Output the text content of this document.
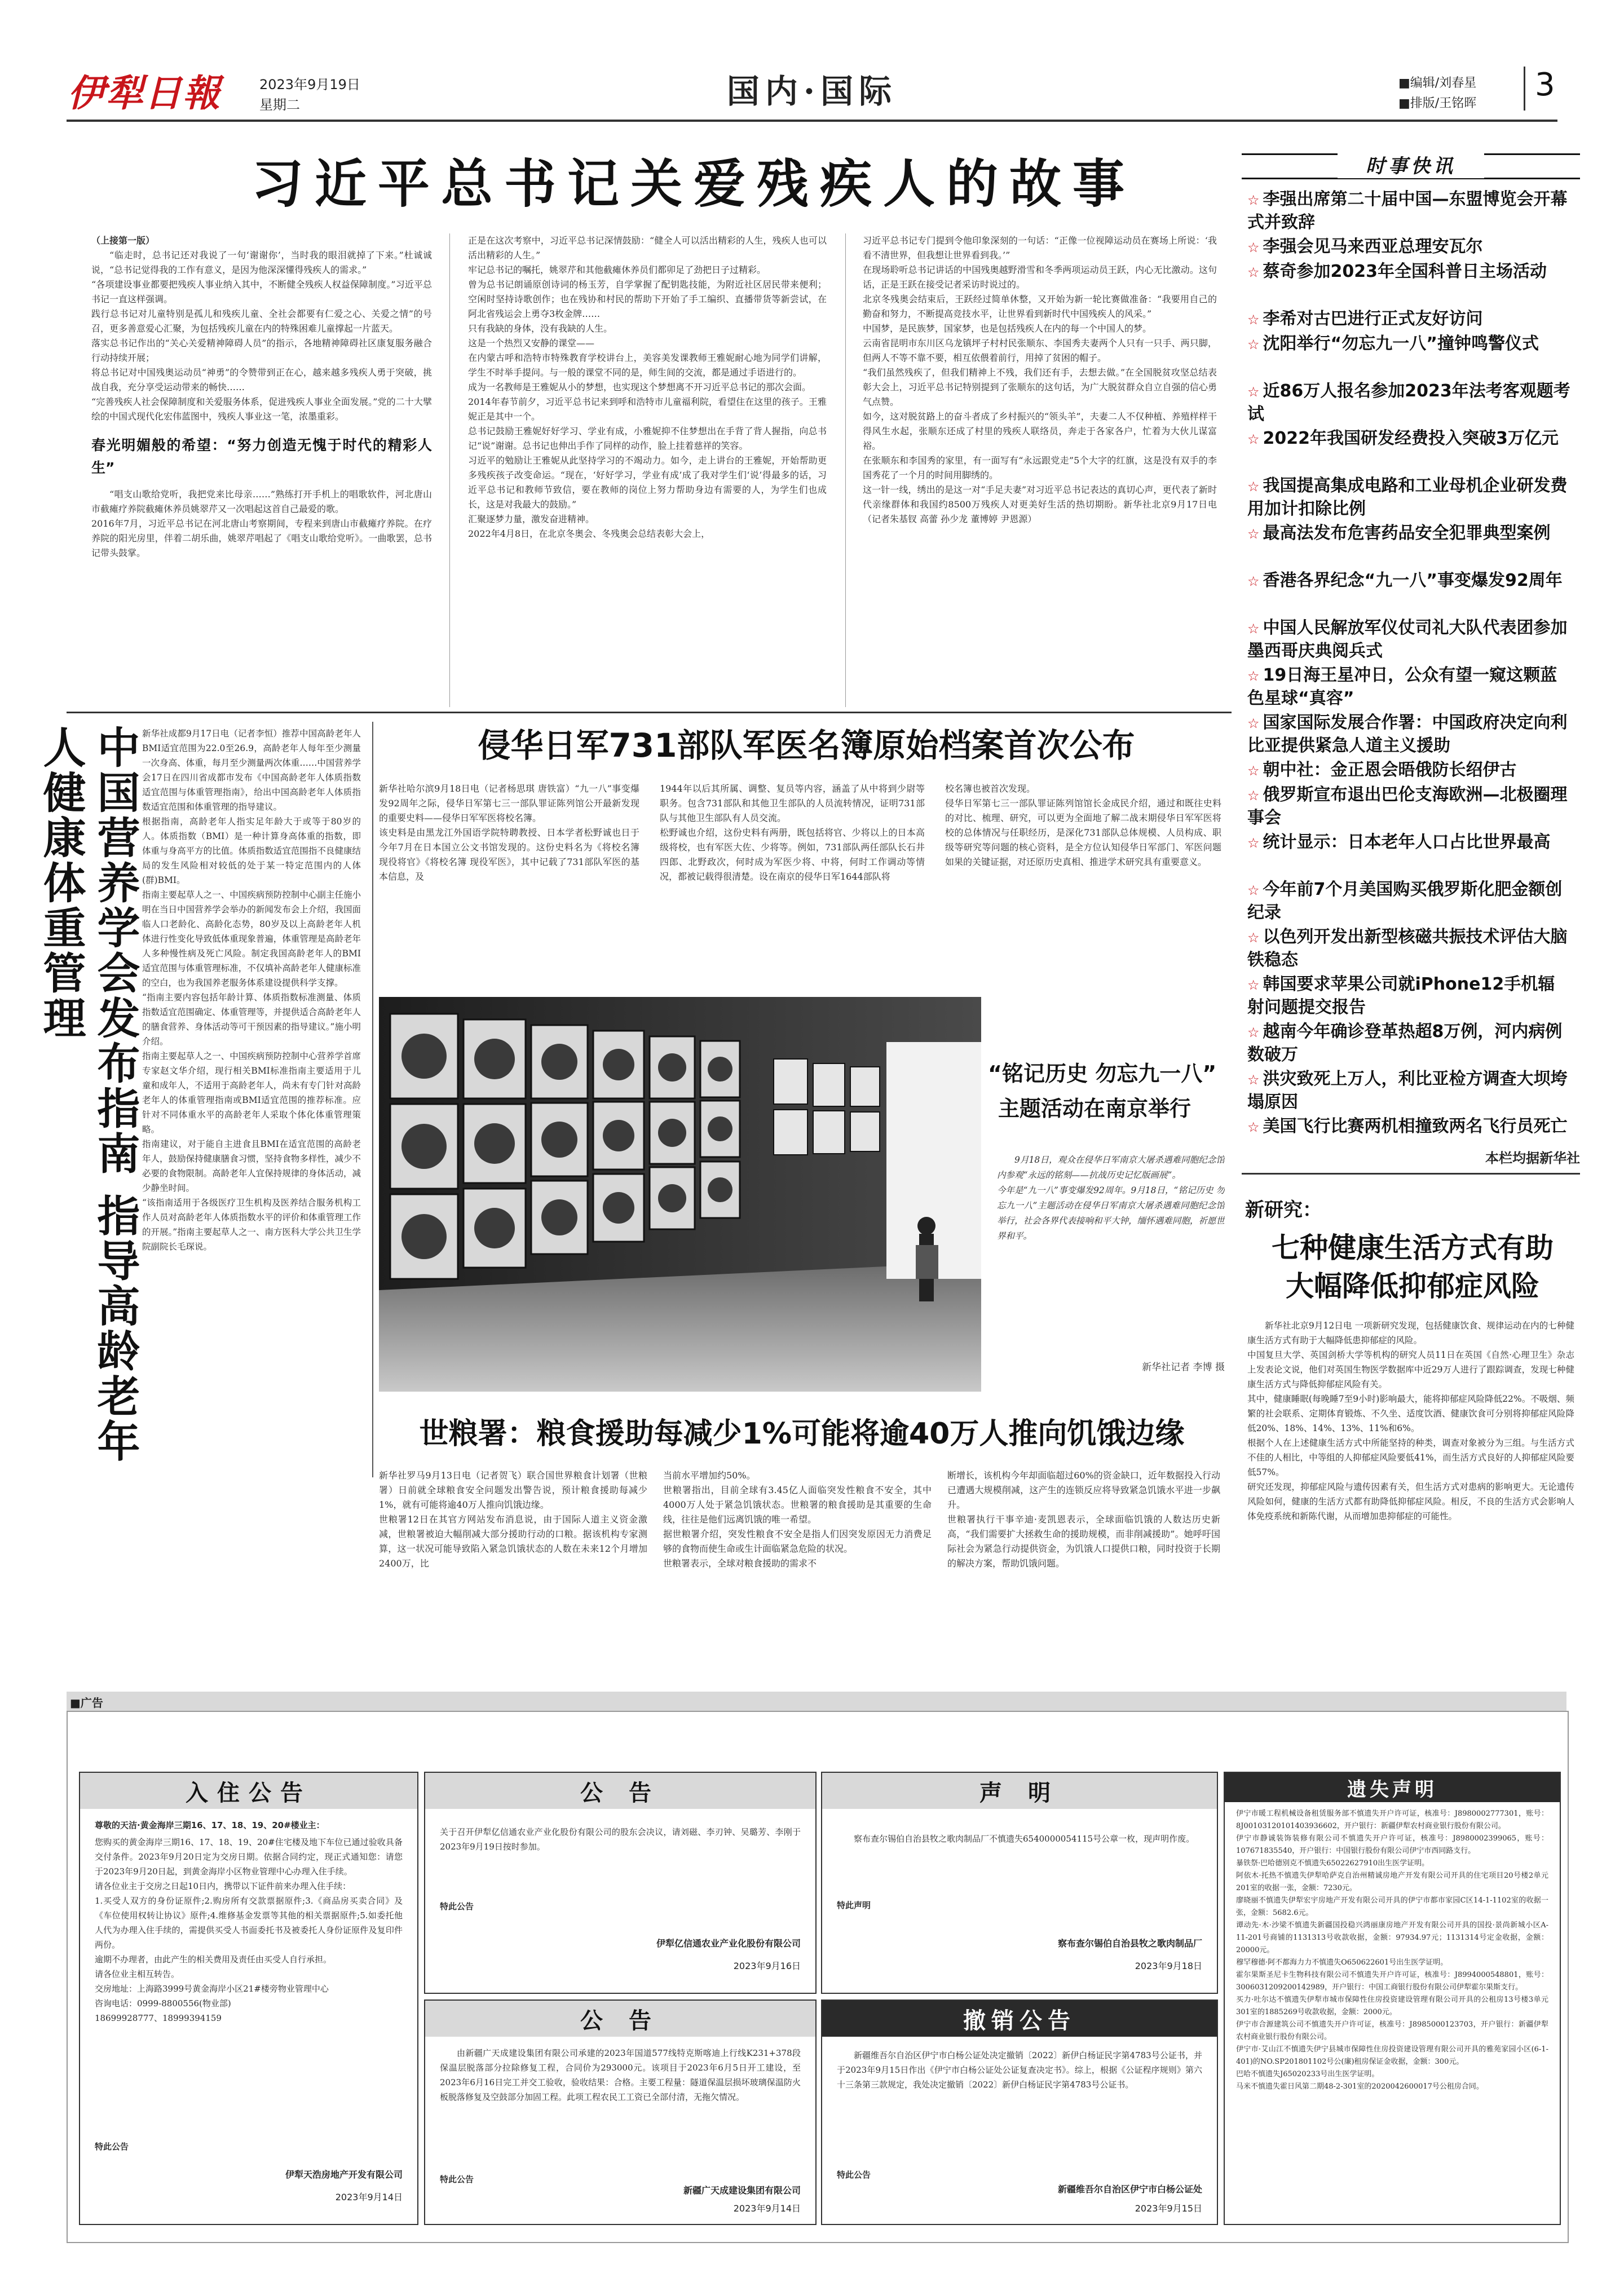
伊犁日報	2023年9月19日
星期二	国内·国际	■编辑/刘春星
■排版/王铭晖
3
习近平总书记关爱残疾人的故事
（上接第一版）
“临走时，总书记还对我说了一句‘谢谢你’，当时我的眼泪就掉了下来。”杜诚诚说，“总书记觉得我的工作有意义，是因为他深深懂得残疾人的需求。”
“各项建设事业都要把残疾人事业纳入其中，不断健全残疾人权益保障制度。”习近平总书记一直这样强调。
践行总书记对儿童特别是孤儿和残疾儿童、全社会都要有仁爱之心、关爱之情”的号召，更多善意爱心汇聚，为包括残疾儿童在内的特殊困难儿童撑起一片蓝天。
落实总书记作出的“关心关爱精神障碍人员”的指示，各地精神障碍社区康复服务融合行动持续开展；
将总书记对中国残奥运动员“神勇”的令赞带到正在心，越来越多残疾人勇于突破，挑战自我，充分享受运动带来的畅快……
“完善残疾人社会保障制度和关爱服务体系，促进残疾人事业全面发展。”党的二十大擘绘的中国式现代化宏伟蓝图中，残疾人事业这一笔，浓墨重彩。
春光明媚般的希望：“努力创造无愧于时代的精彩人生”
“唱支山歌给党听，我把党来比母亲……”熟练打开手机上的唱歌软件，河北唐山市截瘫疗养院截瘫休养员姚翠芹又一次唱起这首自己最爱的歌。
2016年7月，习近平总书记在河北唐山考察期间，专程来到唐山市截瘫疗养院。在疗养院的阳光房里，伴着二胡乐曲，姚翠芹唱起了《唱支山歌给党听》。一曲歌罢，总书记带头鼓掌。
正是在这次考察中，习近平总书记深情鼓励：“健全人可以活出精彩的人生，残疾人也可以活出精彩的人生。”
牢记总书记的嘱托，姚翠芹和其他截瘫休养员们都卯足了劲把日子过精彩。
曾为总书记朗诵原创诗词的杨玉芳，自学掌握了配钥匙技能，为附近社区居民带来便利；空闲时坚持诗歌创作；也在残协和村民的帮助下开始了手工编织、直播带货等新尝试，在阿北省残运会上勇夺3枚金牌……
只有我缺的身体，没有我缺的人生。
这是一个热烈又安静的课堂——
在内蒙古呼和浩特市特殊教育学校讲台上，美容美发课教师王雅妮耐心地为同学们讲解，学生不时举手提问。与一般的课堂不同的是，师生间的交流，都是通过手语进行的。
成为一名教师是王雅妮从小的梦想，也实现这个梦想离不开习近平总书记的那次会面。
2014年春节前夕，习近平总书记来到呼和浩特市儿童福利院，看望住在这里的孩子。王雅妮正是其中一个。
总书记鼓励王雅妮好好学习、学业有成，小雅妮抑不住梦想出在手背了背人握指，向总书记“说”谢谢。总书记也伸出手作了同样的动作，脸上挂着慈祥的笑容。
习近平的勉励让王雅妮从此坚持学习的不竭动力。如今，走上讲台的王雅妮，开始帮助更多残疾孩子改变命运。“现在，‘好好学习，学业有成’成了我对学生们‘说’得最多的话，习近平总书记和教师节致信，要在教师的岗位上努力帮助身边有需要的人，为学生们也成长，这是对我最大的鼓励。”
汇聚逐梦力量，激发奋进精神。
2022年4月8日，在北京冬奥会、冬残奥会总结表彰大会上，
习近平总书记专门提到令他印象深刻的一句话：“正像一位视障运动员在赛场上所说：‘我看不清世界，但我想让世界看到我。’”
在现场聆听总书记讲话的中国残奥越野滑雪和冬季两项运动员王跃，内心无比激动。这句话，正是王跃在接受记者采访时说过的。
北京冬残奥会结束后，王跃经过简单休整，又开始为新一轮比赛做准备：“我要用自己的勤奋和努力，不断提高竞技水平，让世界看到新时代中国残疾人的风采。”
中国梦，是民族梦，国家梦，也是包括残疾人在内的每一个中国人的梦。
云南省昆明市东川区乌龙镇坪子村村民张顺东、李国秀夫妻两个人只有一只手、两只脚，但两人不等不靠不要，相互依偎着前行，用掉了贫困的帽子。
“我们虽然残疾了，但我们精神上不残，我们还有手，去想去做。”在全国脱贫攻坚总结表彰大会上，习近平总书记特别提到了张顺东的这句话，为广大脱贫群众自立自强的信心勇气点赞。
如今，这对脱贫路上的奋斗者成了乡村振兴的“领头羊”，夫妻二人不仅种植、养殖样样干得风生水起，张顺东还成了村里的残疾人联络员，奔走于各家各户，忙着为大伙儿谋富裕。
在张顺东和李国秀的家里，有一面写有“永远跟党走”5个大字的红旗，这是没有双手的李国秀花了一个月的时间用脚绣的。
这一针一线，绣出的是这一对“手足夫妻”对习近平总书记表达的真切心声，更代表了新时代亲缘群体和我国约8500万残疾人对更美好生活的热切期盼。新华社北京9月17日电（记者朱基钗 高蕾 孙少龙 董博婷 尹恩源）
时事快讯
☆ 李强出席第二十届中国—东盟博览会开幕式并致辞
☆ 李强会见马来西亚总理安瓦尔
☆ 蔡奇参加2023年全国科普日主场活动
☆ 李希对古巴进行正式友好访问
☆ 沈阳举行“勿忘九一八”撞钟鸣警仪式
☆ 近86万人报名参加2023年法考客观题考试
☆ 2022年我国研发经费投入突破3万亿元
☆ 我国提高集成电路和工业母机企业研发费用加计扣除比例
☆ 最高法发布危害药品安全犯罪典型案例
☆ 香港各界纪念“九一八”事变爆发92周年
☆ 中国人民解放军仪仗司礼大队代表团参加墨西哥庆典阅兵式
☆ 19日海王星冲日，公众有望一窥这颗蓝色星球“真容”
☆ 国家国际发展合作署：中国政府决定向利比亚提供紧急人道主义援助
☆ 朝中社：金正恩会晤俄防长绍伊古
☆ 俄罗斯宣布退出巴伦支海欧洲—北极圈理事会
☆ 统计显示：日本老年人口占比世界最高
☆ 今年前7个月美国购买俄罗斯化肥金额创纪录
☆ 以色列开发出新型核磁共振技术评估大脑铁稳态
☆ 韩国要求苹果公司就iPhone12手机辐射问题提交报告
☆ 越南今年确诊登革热超8万例，河内病例数破万
☆ 洪灾致死上万人，利比亚检方调查大坝垮塌原因
☆ 美国飞行比赛两机相撞致两名飞行员死亡
本栏均据新华社
中国营养学会发布指南 指导高龄老年人健康体重管理	新华社成都9月17日电（记者李恒）推荐中国高龄老年人BMI适宜范围为22.0至26.9，高龄老年人每年至少测量一次身高、体重，每月至少测量两次体重……中国营养学会17日在四川省成都市发布《中国高龄老年人体质指数适宜范围与体重管理指南》，给出中国高龄老年人体质指数适宜范围和体重管理的指导建议。
根据指南，高龄老年人指实足年龄大于或等于80岁的人。体质指数（BMI）是一种计算身高体重的指数，即体重与身高平方的比值。体质指数适宜范围指不良健康结局的发生风险相对较低的处于某一特定范围内的人体(群)BMI。
指南主要起草人之一、中国疾病预防控制中心副主任施小明在当日中国营养学会举办的新闻发布会上介绍，我国面临人口老龄化、高龄化态势，80岁及以上高龄老年人机体进行性变化导致低体重现象普遍，体重管理是高龄老年人多种慢性病及死亡风险。制定我国高龄老年人的BMI适宜范围与体重管理标准，不仅填补高龄老年人健康标准的空白，也为我国养老服务体系建设提供科学支撑。
“指南主要内容包括年龄计算、体质指数标准测量、体质指数适宜范围确定、体重管理等，并提供适合高龄老年人的膳食营养、身体活动等可干预因素的指导建议。”施小明介绍。
指南主要起草人之一、中国疾病预防控制中心营养学首席专家赵文华介绍，现行相关BMI标准指南主要适用于儿童和成年人，不适用于高龄老年人，尚未有专门针对高龄老年人的体重管理指南或BMI适宜范围的推荐标准。应针对不同体重水平的高龄老年人采取个体化体重管理策略。
指南建议，对于能自主进食且BMI在适宜范围的高龄老年人，鼓励保持健康膳食习惯，坚持食物多样性，减少不必要的食物限制。高龄老年人宜保持规律的身体活动，减少静坐时间。
“该指南适用于各级医疗卫生机构及医养结合服务机构工作人员对高龄老年人体质指数水平的评价和体重管理工作的开展。”指南主要起草人之一、南方医科大学公共卫生学院副院长毛琛说。
侵华日军731部队军医名簿原始档案首次公布
新华社哈尔滨9月18日电（记者杨思琪 唐铁富）“九一八”事变爆发92周年之际，侵华日军第七三一部队罪证陈列馆公开最新发现的重要史料——侵华日军军医将校名簿。
该史料是由黑龙江外国语学院特聘教授、日本学者松野诚也日于今年7月在日本国立公文书馆发现的。这份史料名为《将校名簿 现役将官》《将校名簿 现役军医》，其中记载了731部队军医的基本信息，及
1944年以后其所属、调整、复员等内容，涵盖了从中将到少尉等职务。包含731部队和其他卫生部队的人员流转情况，证明731部队与其他卫生部队有人员交流。
松野诚也介绍，这份史料有两册，既包括将官、少将以上的日本高级将校，也有军医大佐、少将等。例如，731部队两任部队长石井四郎、北野政次，何时成为军医少将、中将，何时工作调动等情况，都被记载得很清楚。设在南京的侵华日军1644部队将
校名簿也被首次发现。
侵华日军第七三一部队罪证陈列馆馆长金成民介绍，通过和既往史料的对比、梳理、研究，可以更为全面地了解二战末期侵华日军军医将校的总体情况与任职经历，是深化731部队总体规模、人员构成、职级等研究等问题的核心资料，是全方位认知侵华日军部门、军医问题如果的关键证据，对还原历史真相、推进学术研究具有重要意义。
“铭记历史 勿忘九一八”
主题活动在南京举行
9月18日，观众在侵华日军南京大屠杀遇难同胞纪念馆内参观“永远的铭刻——抗战历史记忆版画展”。
今年是“九一八”事变爆发92周年。9月18日，“铭记历史 勿忘九一八”主题活动在侵华日军南京大屠杀遇难同胞纪念馆举行，社会各界代表接响和平大钟，缅怀遇难同胞，祈愿世界和平。
新华社记者 李博 摄
新研究：
七种健康生活方式有助
大幅降低抑郁症风险
新华社北京9月12日电 一项新研究发现，包括健康饮食、规律运动在内的七种健康生活方式有助于大幅降低患抑郁症的风险。
中国复旦大学、英国剑桥大学等机构的研究人员11日在英国《自然·心理卫生》杂志上发表论文说，他们对英国生物医学数据库中近29万人进行了跟踪调查，发现七种健康生活方式与降低抑郁症风险有关。
其中，健康睡眠(每晚睡7至9小时)影响最大，能将抑郁症风险降低22%。不吸烟、频繁的社会联系、定期体育锻炼、不久坐、适度饮酒、健康饮食可分别将抑郁症风险降低20%、18%、14%、13%、11%和6%。
根据个人在上述健康生活方式中所能坚持的种类，调查对象被分为三组。与生活方式不佳的人相比，中等组的人抑郁症风险要低41%，而生活方式良好的人抑郁症风险要低57%。
研究还发现，抑郁症风险与遗传因素有关，但生活方式对患病的影响更大。无论遗传风险如何，健康的生活方式都有助降低抑郁症风险。相反，不良的生活方式会影响人体免疫系统和新陈代谢，从而增加患抑郁症的可能性。
世粮署：粮食援助每减少1%可能将逾40万人推向饥饿边缘
新华社罗马9月13日电（记者贺飞）联合国世界粮食计划署（世粮署）日前就全球粮食安全问题发出警告说，预计粮食援助每减少1%，就有可能将逾40万人推向饥饿边缘。
世粮署12日在其官方网站发布消息说，由于国际人道主义资金激减，世粮署被迫大幅削减大部分援助行动的口粮。据该机构专家测算，这一状况可能导致陷入紧急饥饿状态的人数在未来12个月增加2400万，比
当前水平增加约50%。
世粮署指出，目前全球有3.45亿人面临突发性粮食不安全，其中4000万人处于紧急饥饿状态。世粮署的粮食援助是其重要的生命线，往往是他们远离饥饿的唯一希望。
据世粮署介绍，突发性粮食不安全是指人们因突发原因无力消费足够的食物而使生命或生计面临紧急危险的状况。
世粮署表示，全球对粮食援助的需求不
断增长，该机构今年却面临超过60%的资金缺口，近年数据投入行动已遭遇大规模削减，这产生的连锁反应将导致紧急饥饿水平进一步飙升。
世粮署执行干事辛迪·麦凯恩表示，全球面临饥饿的人数达历史新高，“我们需要扩大拯救生命的援助规模，而非削减援助”。她呼吁国际社会为紧急行动提供资金，为饥饿人口提供口粮，同时投资于长期的解决方案，帮助饥饿问题。
■广告
入住公告
尊敬的天洁·黄金海岸三期16、17、18、19、20#楼业主：
您购买的黄金海岸三期16、17、18、19、20#住宅楼及地下车位已通过验收具备交付条件。2023年9月20日定为交房日期。依据合同约定，现正式通知您：请您于2023年9月20日起，到黄金海岸小区物业管理中心办理入住手续。
请各位业主于交房之日起10日内，携带以下证件前来办理入住手续：
1.买受人双方的身份证原件;2.购房所有交款票据原件;3.《商品房买卖合同》及《车位使用权转让协议》原件;4.维修基金发票等其他的相关票据原件;5.如委托他人代为办理入住手续的，需提供买受人书面委托书及被委托人身份证原件及复印件两份。
逾期不办理者，由此产生的相关费用及责任由买受人自行承担。
请各位业主相互转告。
交房地址：上海路3999号黄金海岸小区21#楼旁物业管理中心
咨询电话：0999-8800556(物业部)
18699928777、18999394159
特此公告
伊犁天浩房地产开发有限公司
2023年9月14日
公 告
关于召开伊犁亿信通农业产业化股份有限公司的股东会决议，请刘磁、李刃钟、吴璐芳、李刚于2023年9月19日按时参加。
特此公告
伊犁亿信通农业产业化股份有限公司
2023年9月16日
声 明
察布查尔锡伯自治县牧之歌肉制品厂不慎遗失6540000054115号公章一枚，现声明作废。
特此声明
察布查尔锡伯自治县牧之歌肉制品厂
2023年9月18日
遗失声明
伊宁市暖工程机械设备租赁服务部不慎遗失开户许可证，核准号：J8980002777301，账号：8J00103120101403936602，开户银行：新疆伊犁农村商业银行股份有限公司。
伊宁市静诚装饰装修有限公司不慎遗失开户许可证，核准号：J8980002399065，账号：107671835540，开户银行：中国银行股份有限公司伊宁市西同路支行。
暴铁祭·巴哈德别克不慎遗失65022627910出生医学证明。
阿依木·托热不慎遗失伊犁哈萨克自治州精诚房地产开发有限公司开具的住宅项目20号楼2单元201室的收据一张，金额：7230元。
廖晓丽不慎遗失伊犁宏宇房地产开发有限公司开具的伊宁市都市家园C区14-1-1102室的收据一张，金额：5682.6元。
谭动先·木·沙梁不慎遗失新疆国投稳兴鸿丽康房地产开发有限公司开具的国投·景尚新城小区A-11-201号商铺的1131313号收款收据，金额：97934.97元；1131314号定金收据，金额：20000元。
穆罕穆德·阿不都海力力不慎遗失O650622601号出生医学证明。
霍尔果斯圣尼卡生物科技有限公司不慎遗失开户许可证，核准号：J8994000548801，账号：3006031209200142989，开户银行：中国工商银行股份有限公司伊犁霍尔果斯支行。
买力·吐尔达不慎遗失伊犁市城市保障性住房投资建设管理有限公司开具的公租房13号楼3单元301室的1885269号收款收据，金额：2000元。
伊宁市合源建筑公司不慎遗失开户许可证，核准号：J8985000123703，开户银行：新疆伊犁农村商业银行股份有限公司。
伊宁市·艾山江不慎遗失伊宁县城市保障性住房投资建设管理有限公司开具的雅苑家园小区(6-1-401)的NO.SP201801102号公(廉)租房保证金收据，金额：300元。
巴哈不慎遗失J65020233号出生医学证明。
马米不慎遗失霍日风第二期48-2-301室的2020042600017号公租房合同。
公 告
由新疆广天成建设集团有限公司承建的2023年国道577线特克斯喀迪上行线K231+378段保温层脱落部分拉除修复工程，合同价为293000元。该项目于2023年6月5日开工建设，至2023年6月16日完工并交工验收，验收结果：合格。主要工程量：隧道保温层损坏玻璃保温防火板脱落修复及空鼓部分加固工程。此项工程农民工工资已全部付清，无拖欠情况。
特此公告
新疆广天成建设集团有限公司
2023年9月14日
撤销公告
新疆维吾尔自治区伊宁市白杨公证处决定撤销〔2022〕新伊白杨证民字第4783号公证书，并于2023年9月15日作出《伊宁市白杨公证处公证复查决定书》。综上，根据《公证程序规则》第六十三条第三款规定，我处决定撤销〔2022〕新伊白杨证民字第4783号公证书。
特此公告
新疆维吾尔自治区伊宁市白杨公证处
2023年9月15日
